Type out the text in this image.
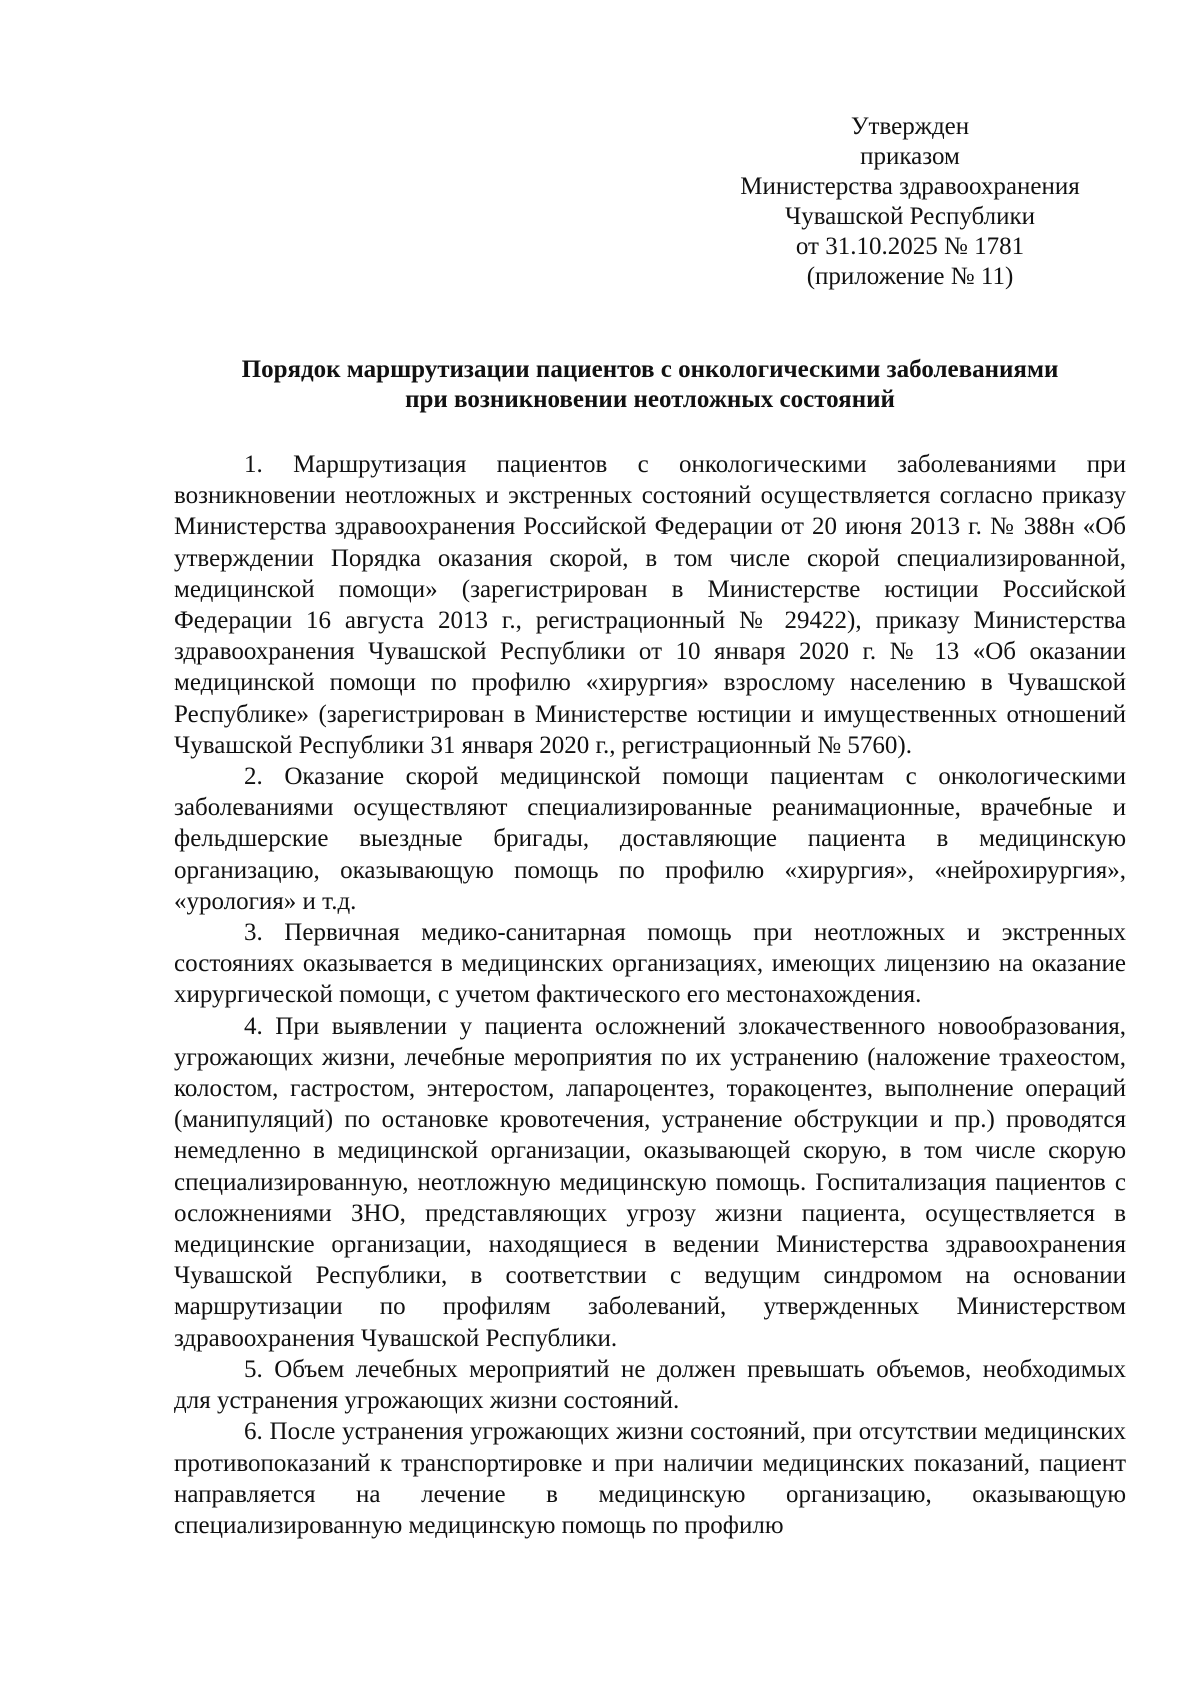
Утвержден
приказом
Министерства здравоохранения
Чувашской Республики
от 31.10.2025 № 1781
(приложение № 11)
Порядок маршрутизации пациентов с онкологическими заболеваниями
при возникновении неотложных состояний

1. Маршрутизация пациентов с онкологическими заболеваниями при возникновении неотложных и экстренных состояний осуществляется согласно приказу Министерства здравоохранения Российской Федерации от 20 июня 2013 г. № 388н «Об утверждении Порядка оказания скорой, в том числе скорой специализированной, медицинской помощи» (зарегистрирован в Министерстве юстиции Российской Федерации 16 августа 2013 г., регистрационный № 29422), приказу Министерства здравоохранения Чувашской Республики от 10 января 2020 г. № 13 «Об оказании медицинской помощи по профилю «хирургия» взрослому населению в Чувашской Республике» (зарегистрирован в Министерстве юстиции и имущественных отношений Чувашской Республики 31 января 2020 г., регистрационный № 5760).

2. Оказание скорой медицинской помощи пациентам с онкологическими заболеваниями осуществляют специализированные реанимационные, врачебные и фельдшерские выездные бригады, доставляющие пациента в медицинскую организацию, оказывающую помощь по профилю «хирургия», «нейрохирургия», «урология» и т.д.

3. Первичная медико-санитарная помощь при неотложных и экстренных состояниях оказывается в медицинских организациях, имеющих лицензию на оказание хирургической помощи, с учетом фактического его местонахождения.

4. При выявлении у пациента осложнений злокачественного новообразования, угрожающих жизни, лечебные мероприятия по их устранению (наложение трахеостом, колостом, гастростом, энтеростом, лапароцентез, торакоцентез, выполнение операций (манипуляций) по остановке кровотечения, устранение обструкции и пр.) проводятся немедленно в медицинской организации, оказывающей скорую, в том числе скорую специализированную, неотложную медицинскую помощь. Госпитализация пациентов с осложнениями ЗНО, представляющих угрозу жизни пациента, осуществляется в медицинские организации, находящиеся в ведении Министерства здравоохранения Чувашской Республики, в соответствии с ведущим синдромом на основании маршрутизации по профилям заболеваний, утвержденных Министерством здравоохранения Чувашской Республики.

5. Объем лечебных мероприятий не должен превышать объемов, необходимых для устранения угрожающих жизни состояний.

6. После устранения угрожающих жизни состояний, при отсутствии медицинских противопоказаний к транспортировке и при наличии медицинских показаний, пациент направляется на лечение в медицинскую организацию, оказывающую специализированную медицинскую помощь по профилю
